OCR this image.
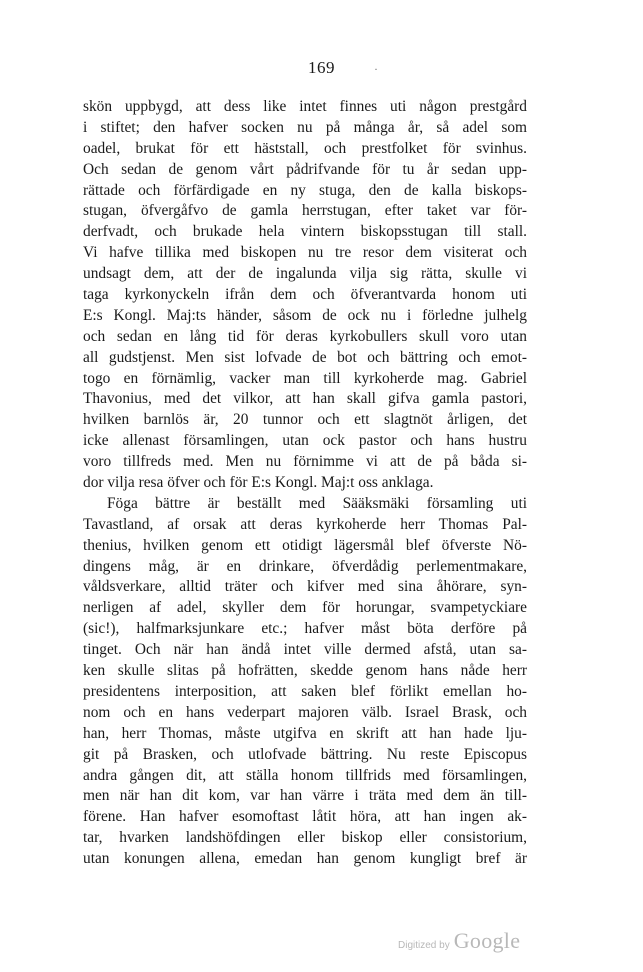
169	·
skön uppbygd, att dess like intet finnes uti någon prestgård
i stiftet; den hafver socken nu på många år, så adel som
oadel, brukat för ett häststall, och prestfolket för svinhus.
Och sedan de genom vårt pådrifvande för tu år sedan upp-
rättade och förfärdigade en ny stuga, den de kalla biskops-
stugan, öfvergåfvo de gamla herrstugan, efter taket var för-
derfvadt, och brukade hela vintern biskopsstugan till stall.
Vi hafve tillika med biskopen nu tre resor dem visiterat och
undsagt dem, att der de ingalunda vilja sig rätta, skulle vi
taga kyrkonyckeln ifrån dem och öfverantvarda honom uti
E:s Kongl. Maj:ts händer, såsom de ock nu i förledne julhelg
och sedan en lång tid för deras kyrkobullers skull voro utan
all gudstjenst. Men sist lofvade de bot och bättring och emot-
togo en förnämlig, vacker man till kyrkoherde mag. Gabriel
Thavonius, med det vilkor, att han skall gifva gamla pastori,
hvilken barnlös är, 20 tunnor och ett slagtnöt årligen, det
icke allenast församlingen, utan ock pastor och hans hustru
voro tillfreds med. Men nu förnimme vi att de på båda si-
dor vilja resa öfver och för E:s Kongl. Maj:t oss anklaga.
Föga bättre är beställt med Sääksmäki församling uti
Tavastland, af orsak att deras kyrkoherde herr Thomas Pal-
thenius, hvilken genom ett otidigt lägersmål blef öfverste Nö-
dingens måg, är en drinkare, öfverdådig perlementmakare,
våldsverkare, alltid träter och kifver med sina åhörare, syn-
nerligen af adel, skyller dem för horungar, svampetyckiare
(sic!), halfmarksjunkare etc.; hafver måst böta derföre på
tinget. Och när han ändå intet ville dermed afstå, utan sa-
ken skulle slitas på hofrätten, skedde genom hans nåde herr
presidentens interposition, att saken blef förlikt emellan ho-
nom och en hans vederpart majoren välb. Israel Brask, och
han, herr Thomas, måste utgifva en skrift att han hade lju-
git på Brasken, och utlofvade bättring. Nu reste Episcopus
andra gången dit, att ställa honom tillfrids med församlingen,
men när han dit kom, var han värre i träta med dem än till-
förene. Han hafver esomoftast låtit höra, att han ingen ak-
tar, hvarken landshöfdingen eller biskop eller consistorium,
utan konungen allena, emedan han genom kungligt bref är
Digitized by Google
